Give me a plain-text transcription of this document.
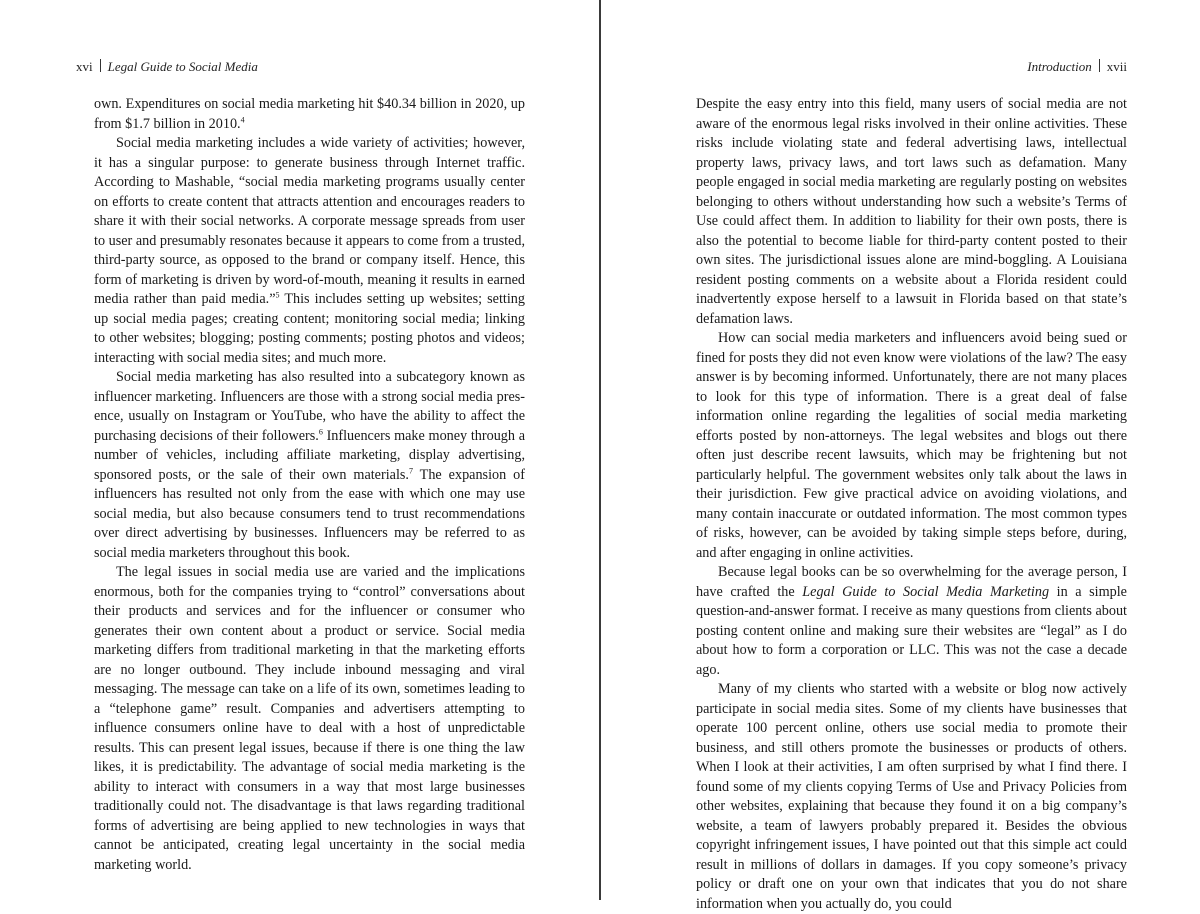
xvi Legal Guide to Social Media

own. Expenditures on social media marketing hit $40.34 billion in 2020, up from $1.7 billion in 2010.$^4$

Social media marketing includes a wide variety of activities; however, it has a singular purpose: to generate business through Internet traffic. According to Mashable, “social media marketing programs usually center on efforts to create content that attracts attention and encourages readers to share it with their social networks. A corporate message spreads from user to user and presumably resonates because it appears to come from a trusted, third-party source, as opposed to the brand or company itself. Hence, this form of marketing is driven by word-of-mouth, meaning it results in earned media rather than paid media.”$^5$ This includes setting up websites; setting up social media pages; creating content; monitoring social media; linking to other websites; blogging; posting comments; posting photos and videos; interacting with social media sites; and much more.

Social media marketing has also resulted into a subcategory known as influencer marketing. Influencers are those with a strong social media presence, usually on Instagram or YouTube, who have the ability to affect the purchasing decisions of their followers.$^6$ Influencers make money through a number of vehicles, including affiliate marketing, display advertising, sponsored posts, or the sale of their own materials.$^7$ The expansion of influencers has resulted not only from the ease with which one may use social media, but also because consumers tend to trust recommendations over direct advertising by businesses. Influencers may be referred to as social media marketers throughout this book.

The legal issues in social media use are varied and the implications enormous, both for the companies trying to “control” conversations about their products and services and for the influencer or consumer who generates their own content about a product or service. Social media marketing differs from traditional marketing in that the marketing efforts are no longer outbound. They include inbound messaging and viral messaging. The message can take on a life of its own, sometimes leading to a “telephone game” result. Companies and advertisers attempting to influence consumers online have to deal with a host of unpredictable results. This can present legal issues, because if there is one thing the law likes, it is predictability. The advantage of social media marketing is the ability to interact with consumers in a way that most large businesses traditionally could not. The disadvantage is that laws regarding traditional forms of advertising are being applied to new technologies in ways that cannot be anticipated, creating legal uncertainty in the social media marketing world.

Introduction xvii

Despite the easy entry into this field, many users of social media are not aware of the enormous legal risks involved in their online activities. These risks include violating state and federal advertising laws, intellectual property laws, privacy laws, and tort laws such as defamation. Many people engaged in social media marketing are regularly posting on websites belonging to others without understanding how such a website’s Terms of Use could affect them. In addition to liability for their own posts, there is also the potential to become liable for third-party content posted to their own sites. The jurisdictional issues alone are mind-boggling. A Louisiana resident posting comments on a website about a Florida resident could inadvertently expose herself to a lawsuit in Florida based on that state’s defamation laws.

How can social media marketers and influencers avoid being sued or fined for posts they did not even know were violations of the law? The easy answer is by becoming informed. Unfortunately, there are not many places to look for this type of information. There is a great deal of false information online regarding the legalities of social media marketing efforts posted by non-attorneys. The legal websites and blogs out there often just describe recent lawsuits, which may be frightening but not particularly helpful. The government websites only talk about the laws in their jurisdiction. Few give practical advice on avoiding violations, and many contain inaccurate or outdated information. The most common types of risks, however, can be avoided by taking simple steps before, during, and after engaging in online activities.

Because legal books can be so overwhelming for the average person, I have crafted the Legal Guide to Social Media Marketing in a simple question-and-answer format. I receive as many questions from clients about posting content online and making sure their websites are “legal” as I do about how to form a corporation or LLC. This was not the case a decade ago.

Many of my clients who started with a website or blog now actively participate in social media sites. Some of my clients have businesses that operate 100 percent online, others use social media to promote their business, and still others promote the businesses or products of others. When I look at their activities, I am often surprised by what I find there. I found some of my clients copying Terms of Use and Privacy Policies from other websites, explaining that because they found it on a big company’s website, a team of lawyers probably prepared it. Besides the obvious copyright infringement issues, I have pointed out that this simple act could result in millions of dollars in damages. If you copy someone’s privacy policy or draft one on your own that indicates that you do not share information when you actually do, you could
